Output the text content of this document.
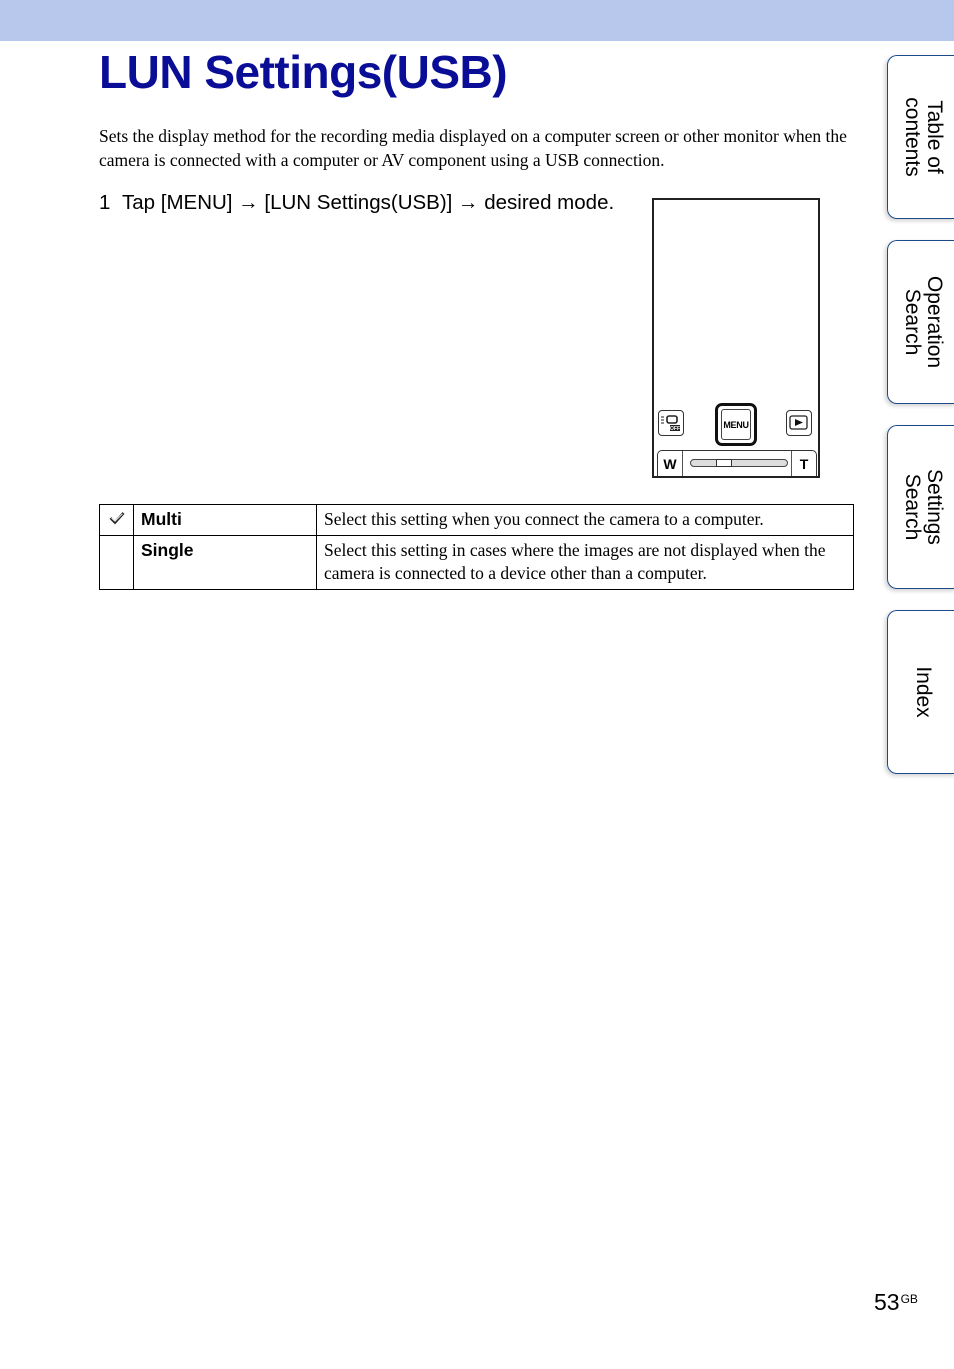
LUN Settings(USB)

Sets the display method for the recording media displayed on a computer screen or other monitor when the camera is connected with a computer or AV component using a USB connection.

1 Tap [MENU] → [LUN Settings(USB)] → desired mode.
OFF	MENU
W	T
	Multi	Select this setting when you connect the camera to a computer.
	Single	Select this setting in cases where the images are not displayed when the camera is connected to a device other than a computer.
Table of
contents
Operation
Search
Settings
Search
Index
$53^{GB}$
